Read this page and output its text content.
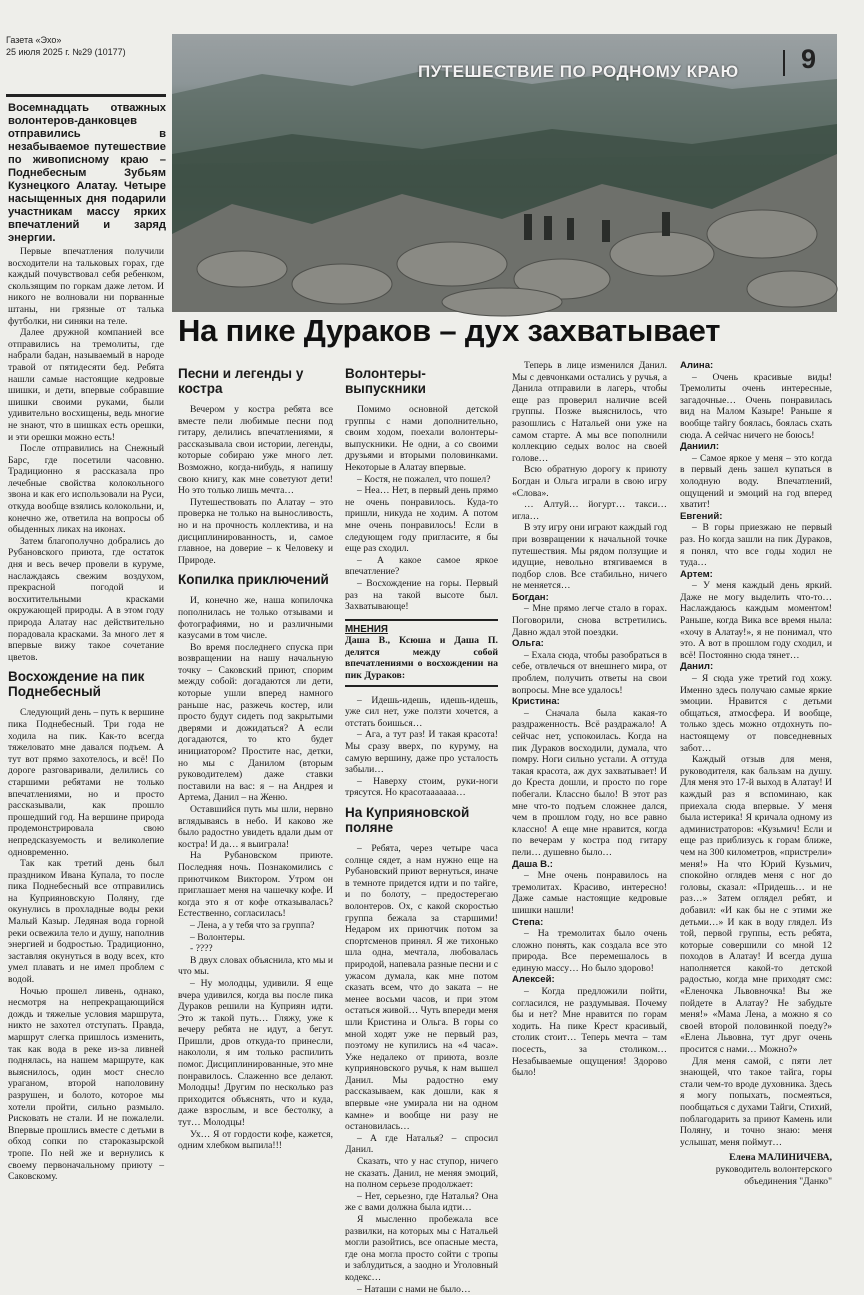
Газета «Эхо»
25 июля 2025 г. №29 (10177)
ПУТЕШЕСТВИЕ ПО РОДНОМУ КРАЮ 9
Восемнадцать отважных волонтеров-данковцев отправились в незабываемое путешествие по живописному краю – Поднебесным Зубьям Кузнецкого Алатау. Четыре насыщенных дня подарили участникам массу ярких впечатлений и заряд энергии.
На пике Дураков – дух захватывает

Первые впечатления получили восходители на тальковых горах, где каждый почувствовал себя ребенком, скользящим по горкам даже летом. И никого не волновали ни порванные штаны, ни грязные от талька футболки, ни синяки на теле.

Далее дружной компанией все отправились на тремолиты, где набрали бадан, называемый в народе травой от пятидесяти бед. Ребята нашли самые настоящие кедровые шишки, и дети, впервые собравшие шишки своими руками, были удивительно восхищены, ведь многие не знают, что в шишках есть орешки, и эти орешки можно есть!

После отправились на Снежный Барс, где посетили часовню. Традиционно я рассказала про лечебные свойства колокольного звона и как его использовали на Руси, откуда вообще взялись колокольни, и, конечно же, ответила на вопросы об обыденных ликах на иконах.

Затем благополучно добрались до Рубановского приюта, где остаток дня и весь вечер провели в куруме, наслаждаясь свежим воздухом, прекрасной погодой и восхитительными красками окружающей природы. А в этом году природа Алатау нас действительно порадовала красками. За много лет я впервые вижу такое сочетание цветов.

Восхождение на пик Поднебесный

Следующий день – путь к вершине пика Поднебесный. Три года не ходила на пик. Как-то всегда тяжеловато мне давался подъем. А тут вот прямо захотелось, и всё! По дороге разговаривали, делились со старшими ребятами не только впечатлениями, но и просто рассказывали, как прошло прошедший год. На вершине природа продемонстрировала свою непредсказуемость и великолепие одновременно.

Так как третий день был праздником Ивана Купала, то после пика Поднебесный все отправились на Куприяновскую Поляну, где окунулись в прохладные воды реки Малый Казыр. Ледяная вода горной реки освежила тело и душу, наполнив энергией и бодростью. Традиционно, заставляя окунуться в воду всех, кто умел плавать и не имел проблем с водой.

Ночью прошел ливень, однако, несмотря на непрекращающийся дождь и тяжелые условия маршрута, никто не захотел отступать. Правда, маршрут слегка пришлось изменить, так как вода в реке из-за ливней поднялась, на нашем маршруте, как выяснилось, один мост снесло ураганом, второй наполовину разрушен, и болото, которое мы хотели пройти, сильно размыло. Рисковать не стали. И не пожалели. Впервые прошлись вместе с детьми в обход сопки по староказырской тропе. По ней же и вернулись к своему первоначальному приюту – Саковскому.

Песни и легенды у костра

Вечером у костра ребята все вместе пели любимые песни под гитару, делились впечатлениями, я рассказывала свои истории, легенды, которые собираю уже много лет. Возможно, когда-нибудь, я напишу свою книгу, как мне советуют дети! Но это только лишь мечта…

Путешествовать по Алатау – это проверка не только на выносливость, но и на прочность коллектива, и на дисциплинированность, и, самое главное, на доверие – к Человеку и Природе.

Копилка приключений

И, конечно же, наша копилочка пополнилась не только отзывами и фотографиями, но и различными казусами в том числе.

Во время последнего спуска при возвращении на нашу начальную точку – Саковский приют, спорим между собой: догадаются ли дети, которые ушли вперед намного раньше нас, разжечь костер, или просто будут сидеть под закрытыми дверями и дожидаться? А если догадаются, то кто будет инициатором? Простите нас, детки, но мы с Данилом (вторым руководителем) даже ставки поставили на вас: я – на Андрея и Артема, Данил – на Женю.

Оставшийся путь мы шли, нервно вглядываясь в небо. И каково же было радостно увидеть вдали дым от костра! И да… я выиграла!

На Рубановском приюте. Последняя ночь. Познакомились с приютчиком Виктором. Утром он приглашает меня на чашечку кофе. И когда это я от кофе отказывалась? Естественно, согласилась!

– Лена, а у тебя что за группа?

– Волонтеры.

- ????

В двух словах объяснила, кто мы и что мы.

– Ну молодцы, удивили. Я еще вчера удивился, когда вы после пика Дураков решили на Куприян идти. Это ж такой путь… Гляжу, уже к вечеру ребята не идут, а бегут. Пришли, дров откуда-то принесли, накололи, я им только распилить помог. Дисциплинированные, это мне понравилось. Слаженно все делают. Молодцы! Другим по несколько раз приходится объяснять, что и куда, даже взрослым, и все бестолку, а тут… Молодцы!

Ух… Я от гордости кофе, кажется, одним хлебком выпила!!!

Волонтеры-выпускники

Помимо основной детской группы с нами дополнительно, своим ходом, поехали волонтеры-выпускники. Не одни, а со своими друзьями и вторыми половинками. Некоторые в Алатау впервые.

– Костя, не пожалел, что пошел?

– Неа… Нет, в первый день прямо не очень понравилось. Куда-то пришли, никуда не ходим. А потом мне очень понравилось! Если в следующем году пригласите, я бы еще раз сходил.

– А какое самое яркое впечатление?

– Восхождение на горы. Первый раз на такой высоте был. Захватывающе!

МНЕНИЯ
Даша В., Ксюша и Даша П. делятся между собой впечатлениями о восхождении на пик Дураков:

– Идешь-идешь, идешь-идешь, уже сил нет, уже ползти хочется, а отстать боишься…

– Ага, а тут раз! И такая красота! Мы сразу вверх, по куруму, на самую вершину, даже про усталость забыли…

– Наверху стоим, руки-ноги трясутся. Но красотааааааа…

На Куприяновской поляне

– Ребята, через четыре часа солнце сядет, а нам нужно еще на Рубановский приют вернуться, иначе в темноте придется идти и по тайге, и по болоту, – предостерегаю волонтеров. Ох, с какой скоростью группа бежала за старшими! Недаром их приютчик потом за спортсменов принял. Я же тихонько шла одна, мечтала, любовалась природой, напевала разные песни и с ужасом думала, как мне потом сказать всем, что до заката – не менее восьми часов, и при этом остаться живой… Чуть впереди меня шли Кристина и Ольга. В горы со мной ходят уже не первый раз, поэтому не купились на «4 часа». Уже недалеко от приюта, возле куприяновского ручья, к нам вышел Данил. Мы радостно ему рассказываем, как дошли, как я впервые «не умирала ни на одном камне» и вообще ни разу не остановилась…

– А где Наталья? – спросил Данил.

Сказать, что у нас ступор, ничего не сказать. Данил, не меняя эмоций, на полном серьезе продолжает:

– Нет, серьезно, где Наталья? Она же с вами должна была идти…

Я мысленно пробежала все развилки, на которых мы с Натальей могли разойтись, все опасные места, где она могла просто сойти с тропы и заблудиться, а заодно и Уголовный кодекс…

– Наташи с нами не было…

Теперь в лице изменился Данил. Мы с девчонками остались у ручья, а Данила отправили в лагерь, чтобы еще раз проверил наличие всей группы. Позже выяснилось, что разошлись с Натальей они уже на самом старте. А мы все пополнили коллекцию седых волос на своей голове…

Всю обратную дорогу к приюту Богдан и Ольга играли в свою игру «Слова».

… Алтуй… йогурт… такси… игла…

В эту игру они играют каждый год при возвращении к начальной точке путешествия. Мы рядом ползущие и идущие, невольно втягиваемся в подбор слов. Все стабильно, ничего не меняется…

Богдан:

– Мне прямо легче стало в горах. Поговорили, снова встретились. Давно ждал этой поездки.

Ольга:

– Ехала сюда, чтобы разобраться в себе, отвлечься от внешнего мира, от проблем, получить ответы на свои вопросы. Мне все удалось!

Кристина:

– Сначала была какая-то раздраженность. Всё раздражало! А сейчас нет, успокоилась. Когда на пик Дураков восходили, думала, что помру. Ноги сильно устали. А оттуда такая красота, аж дух захватывает! И до Креста дошли, и просто по горе побегали. Классно было! В этот раз мне что-то подъем сложнее дался, чем в прошлом году, но все равно классно! А еще мне нравится, когда по вечерам у костра под гитару пели… душевно было…

Даша В.:

– Мне очень понравилось на тремолитах. Красиво, интересно! Даже самые настоящие кедровые шишки нашли!

Степа:

– На тремолитах было очень сложно понять, как создала все это природа. Все перемешалось в единую массу… Но было здорово!

Алексей:

– Когда предложили пойти, согласился, не раздумывая. Почему бы и нет? Мне нравится по горам ходить. На пике Крест красивый, столик стоит… Теперь мечта – там посесть, за столиком… Незабываемые ощущения! Здорово было!

Алина:

– Очень красивые виды! Тремолиты очень интересные, загадочные… Очень понравилась вид на Малом Казыре! Раньше я вообще тайгу боялась, боялась схать сюда. А сейчас ничего не боюсь!

Даниил:

– Самое яркое у меня – это когда в первый день зашел купаться в холодную воду. Впечатлений, ощущений и эмоций на год вперед хватит!

Евгений:

– В горы приезжаю не первый раз. Но когда зашли на пик Дураков, я понял, что все годы ходил не туда…

Артем:

– У меня каждый день яркий. Даже не могу выделить что-то… Наслаждаюсь каждым моментом! Раньше, когда Вика все время ныла: «хочу в Алатау!», я не понимал, что это. А вот в прошлом году сходил, и всё! Постоянно сюда тянет…

Данил:

– Я сюда уже третий год хожу. Именно здесь получаю самые яркие эмоции. Нравится с детьми общаться, атмосфера. И вообще, только здесь можно отдохнуть по-настоящему от повседневных забот…

Каждый отзыв для меня, руководителя, как бальзам на душу. Для меня это 17-й выход в Алатау! И каждый раз я вспоминаю, как приехала сюда впервые. У меня была истерика! Я кричала одному из администраторов: «Кузьмич! Если и еще раз приблизусь к горам ближе, чем на 300 километров, «пристрели» меня!» На что Юрий Кузьмич, спокойно оглядев меня с ног до головы, сказал: «Придешь… и не раз…» Затем оглядел ребят, и добавил: «И как бы не с этими же детьми…» И как в воду глядел. Из той, первой группы, есть ребята, которые совершили со мной 12 походов в Алатау! И всегда душа наполняется какой-то детской радостью, когда мне приходят смс: «Еленочка Львовночка! Вы же пойдете в Алатау? Не забудьте меня!» «Мама Лена, а можно я со своей второй половинкой поеду?» «Елена Львовна, тут друг очень просится с нами… Можно?»

Для меня самой, с пяти лет знающей, что такое тайга, горы стали чем-то вроде духовника. Здесь я могу попыхать, посмеяться, пообщаться с духами Тайги, Стихий, поблагодарить за приют Камень или Поляну, и точно знаю: меня услышат, меня поймут…

Елена МАЛИНИЧЕВА,

руководитель волонтерского объединения "Данко"
